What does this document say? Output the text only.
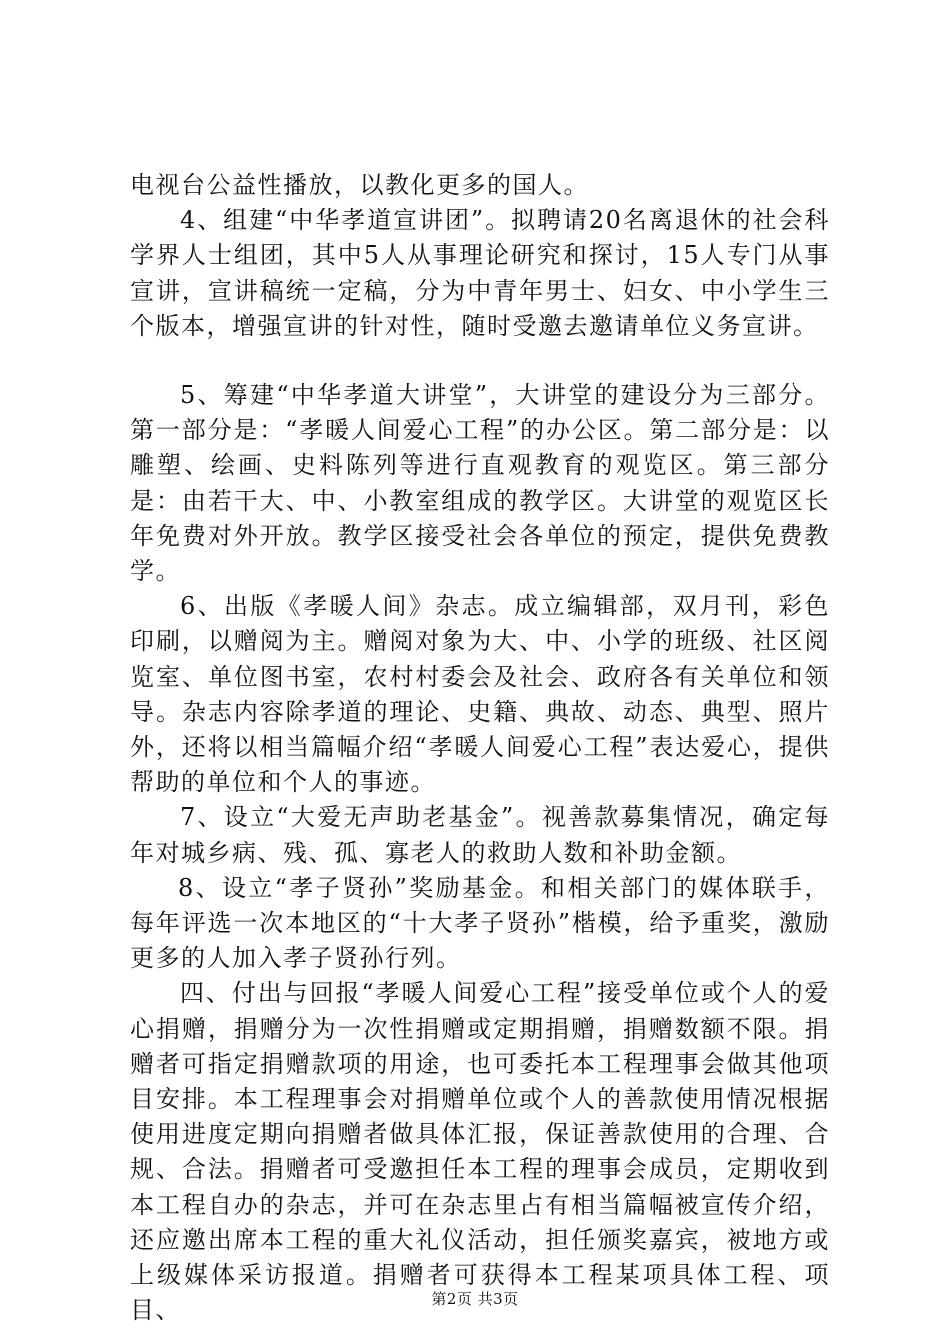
电视台公益性播放，以教化更多的国人。

4、组建“中华孝道宣讲团”。拟聘请20名离退休的社会科学界人士组团，其中5人从事理论研究和探讨，15人专门从事宣讲，宣讲稿统一定稿，分为中青年男士、妇女、中小学生三个版本，增强宣讲的针对性，随时受邀去邀请单位义务宣讲。

5、筹建“中华孝道大讲堂”，大讲堂的建设分为三部分。第一部分是：“孝暖人间爱心工程”的办公区。第二部分是：以雕塑、绘画、史料陈列等进行直观教育的观览区。第三部分是：由若干大、中、小教室组成的教学区。大讲堂的观览区长年免费对外开放。教学区接受社会各单位的预定，提供免费教学。

6、出版《孝暖人间》杂志。成立编辑部，双月刊，彩色印刷，以赠阅为主。赠阅对象为大、中、小学的班级、社区阅览室、单位图书室，农村村委会及社会、政府各有关单位和领导。杂志内容除孝道的理论、史籍、典故、动态、典型、照片外，还将以相当篇幅介绍“孝暖人间爱心工程”表达爱心，提供帮助的单位和个人的事迹。

7、设立“大爱无声助老基金”。视善款募集情况，确定每年对城乡病、残、孤、寡老人的救助人数和补助金额。

8、设立“孝子贤孙”奖励基金。和相关部门的媒体联手，每年评选一次本地区的“十大孝子贤孙”楷模，给予重奖，激励更多的人加入孝子贤孙行列。

四、付出与回报“孝暖人间爱心工程”接受单位或个人的爱心捐赠，捐赠分为一次性捐赠或定期捐赠，捐赠数额不限。捐赠者可指定捐赠款项的用途，也可委托本工程理事会做其他项目安排。本工程理事会对捐赠单位或个人的善款使用情况根据使用进度定期向捐赠者做具体汇报，保证善款使用的合理、合规、合法。捐赠者可受邀担任本工程的理事会成员，定期收到本工程自办的杂志，并可在杂志里占有相当篇幅被宣传介绍，还应邀出席本工程的重大礼仪活动，担任颁奖嘉宾，被地方或上级媒体采访报道。捐赠者可获得本工程某项具体工程、项目、	第2页 共3页
